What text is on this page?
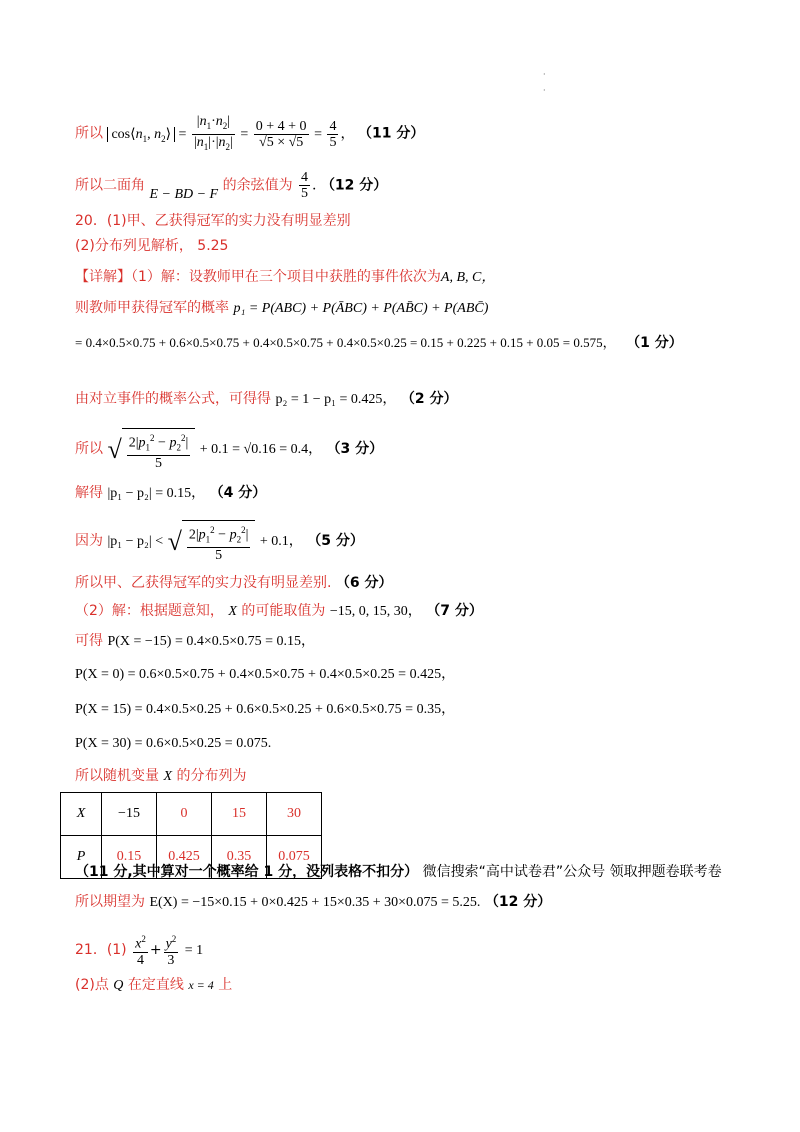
·
·
所以 $\cos⟨n_1$, $n_2⟩ = \frac{|n_1\cdot n_2|}{|n_1|\cdot|n_2|} = \frac{0 + 4 + 0}{√5 \times √5} = \frac{4}{5}$ ， （11 分）
所以二面角 E − BD − F 的余弦值为 $\frac{4}{5}$ . （12 分）
20．(1)甲、乙获得冠军的实力没有明显差别
(2)分布列见解析， 5.25
【详解】（1）解：设教师甲在三个项目中获胜的事件依次为A, B, C，
则教师甲获得冠军的概率 p₁ = P(ABC) + P(ĀBC) + P(AB̄C) + P(ABC̄)
= 0.4×0.5×0.75 + 0.6×0.5×0.75 + 0.4×0.5×0.75 + 0.4×0.5×0.25 = 0.15 + 0.225 + 0.15 + 0.05 = 0.575， （1 分）
由对立事件的概率公式，可得得 p₂ = 1 − p₁ = 0.425， （2 分）
所以 √ $\frac{2|p_1^2 - p_2^2|}{5} + 0.1 = √0.16 = 0.4$， （3 分）
解得 |p₁ − p₂| = 0.15， （4 分）
因为 |p₁ − p₂| < √ $\frac{2|p_1^2 - p_2^2|}{5} + 0.1$， （5 分）
所以甲、乙获得冠军的实力没有明显差别. （6 分）
（2）解：根据题意知， X 的可能取值为 −15, 0, 15, 30， （7 分）
可得 P(X = −15) = 0.4×0.5×0.75 = 0.15，
P(X = 0) = 0.6×0.5×0.75 + 0.4×0.5×0.75 + 0.4×0.5×0.25 = 0.425，
P(X = 15) = 0.4×0.5×0.25 + 0.6×0.5×0.25 + 0.6×0.5×0.75 = 0.35，
P(X = 30) = 0.6×0.5×0.25 = 0.075.
所以随机变量 X 的分布列为
X	−15	0	15	30
P	0.15	0.425	0.35	0.075
（11 分,其中算对一个概率给 1 分，没列表格不扣分） 微信搜索“高中试卷君”公众号 领取押题卷联考卷
所以期望为 E(X) = −15×0.15 + 0×0.425 + 15×0.35 + 30×0.075 = 5.25. （12 分）
21．$(1) \frac{x^2}{4} + \frac{y^2}{3} = 1$
(2)点 Q 在定直线 x = 4 上
